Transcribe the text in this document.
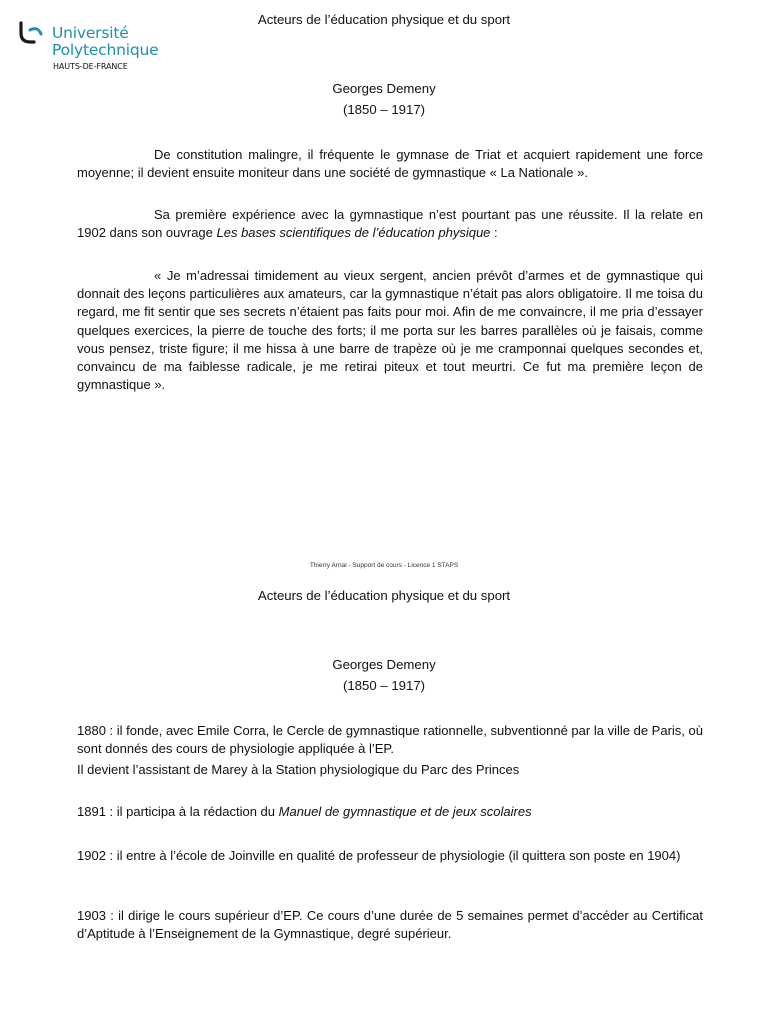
Université
Polytechnique
HAUTS-DE-FRANCE
Acteurs de l’éducation physique et du sport
Georges Demeny
(1850 – 1917)
De constitution malingre, il fréquente le gymnase de Triat et acquiert rapidement une force moyenne; il devient ensuite moniteur dans une société de gymnastique « La Nationale ».
Sa première expérience avec la gymnastique n’est pourtant pas une réussite. Il la relate en 1902 dans son ouvrage Les bases scientifiques de l’éducation physique :
« Je m’adressai timidement au vieux sergent, ancien prévôt d’armes et de gymnastique qui donnait des leçons particulières aux amateurs, car la gymnastique n’était pas alors obligatoire. Il me toisa du regard, me fit sentir que ses secrets n’étaient pas faits pour moi. Afin de me convaincre, il me pria d’essayer quelques exercices, la pierre de touche des forts; il me porta sur les barres parallèles où je faisais, comme vous pensez, triste figure; il me hissa à une barre de trapèze où je me cramponnai quelques secondes et, convaincu de ma faiblesse radicale, je me retirai piteux et tout meurtri. Ce fut ma première leçon de gymnastique ».
Thierry Arnal - Support de cours - Licence 1 STAPS
Acteurs de l’éducation physique et du sport
Georges Demeny
(1850 – 1917)
1880 : il fonde, avec Emile Corra, le Cercle de gymnastique rationnelle, subventionné par la ville de Paris, où sont donnés des cours de physiologie appliquée à l’EP.
Il devient l’assistant de Marey à la Station physiologique du Parc des Princes
1891 : il participa à la rédaction du Manuel de gymnastique et de jeux scolaires
1902 : il entre à l’école de Joinville en qualité de professeur de physiologie (il quittera son poste en 1904)
1903 : il dirige le cours supérieur d’EP. Ce cours d’une durée de 5 semaines permet d’accéder au Certificat d’Aptitude à l’Enseignement de la Gymnastique, degré supérieur.
